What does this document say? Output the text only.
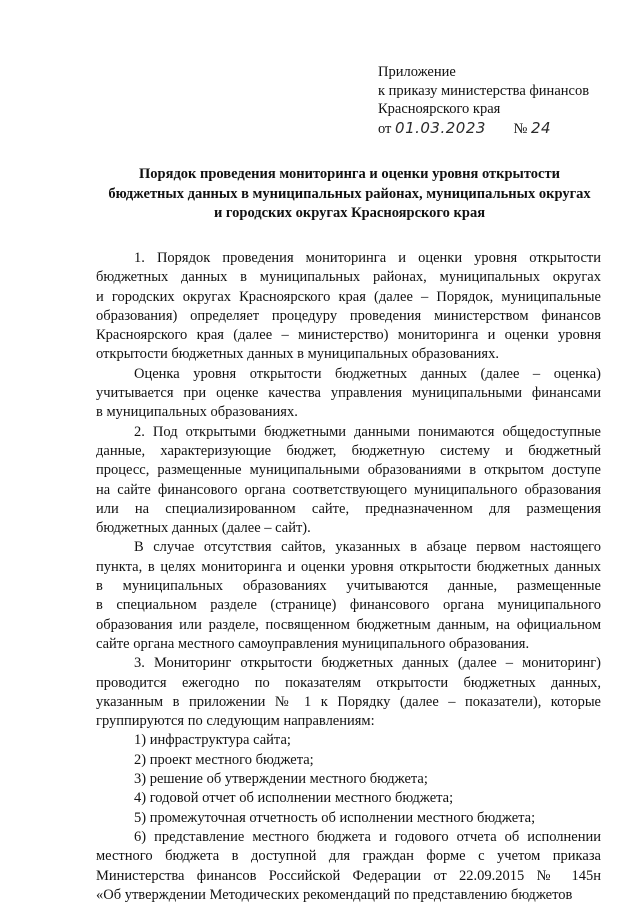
Приложение
к приказу министерства финансов
Красноярского края
от 01.03.2023 № 24
Порядок проведения мониторинга и оценки уровня открытости
бюджетных данных в муниципальных районах, муниципальных округах
и городских округах Красноярского края
1. Порядок проведения мониторинга и оценки уровня открытости
бюджетных данных в муниципальных районах, муниципальных округах
и городских округах Красноярского края (далее – Порядок, муниципальные
образования) определяет процедуру проведения министерством финансов
Красноярского края (далее – министерство) мониторинга и оценки уровня
открытости бюджетных данных в муниципальных образованиях.
Оценка уровня открытости бюджетных данных (далее – оценка)
учитывается при оценке качества управления муниципальными финансами
в муниципальных образованиях.
2. Под открытыми бюджетными данными понимаются общедоступные
данные, характеризующие бюджет, бюджетную систему и бюджетный
процесс, размещенные муниципальными образованиями в открытом доступе
на сайте финансового органа соответствующего муниципального образования
или на специализированном сайте, предназначенном для размещения
бюджетных данных (далее – сайт).
В случае отсутствия сайтов, указанных в абзаце первом настоящего
пункта, в целях мониторинга и оценки уровня открытости бюджетных данных
в муниципальных образованиях учитываются данные, размещенные
в специальном разделе (странице) финансового органа муниципального
образования или разделе, посвященном бюджетным данным, на официальном
сайте органа местного самоуправления муниципального образования.
3. Мониторинг открытости бюджетных данных (далее – мониторинг)
проводится ежегодно по показателям открытости бюджетных данных,
указанным в приложении № 1 к Порядку (далее – показатели), которые
группируются по следующим направлениям:
1) инфраструктура сайта;
2) проект местного бюджета;
3) решение об утверждении местного бюджета;
4) годовой отчет об исполнении местного бюджета;
5) промежуточная отчетность об исполнении местного бюджета;
6) представление местного бюджета и годового отчета об исполнении
местного бюджета в доступной для граждан форме с учетом приказа
Министерства финансов Российской Федерации от 22.09.2015 № 145н
«Об утверждении Методических рекомендаций по представлению бюджетов
